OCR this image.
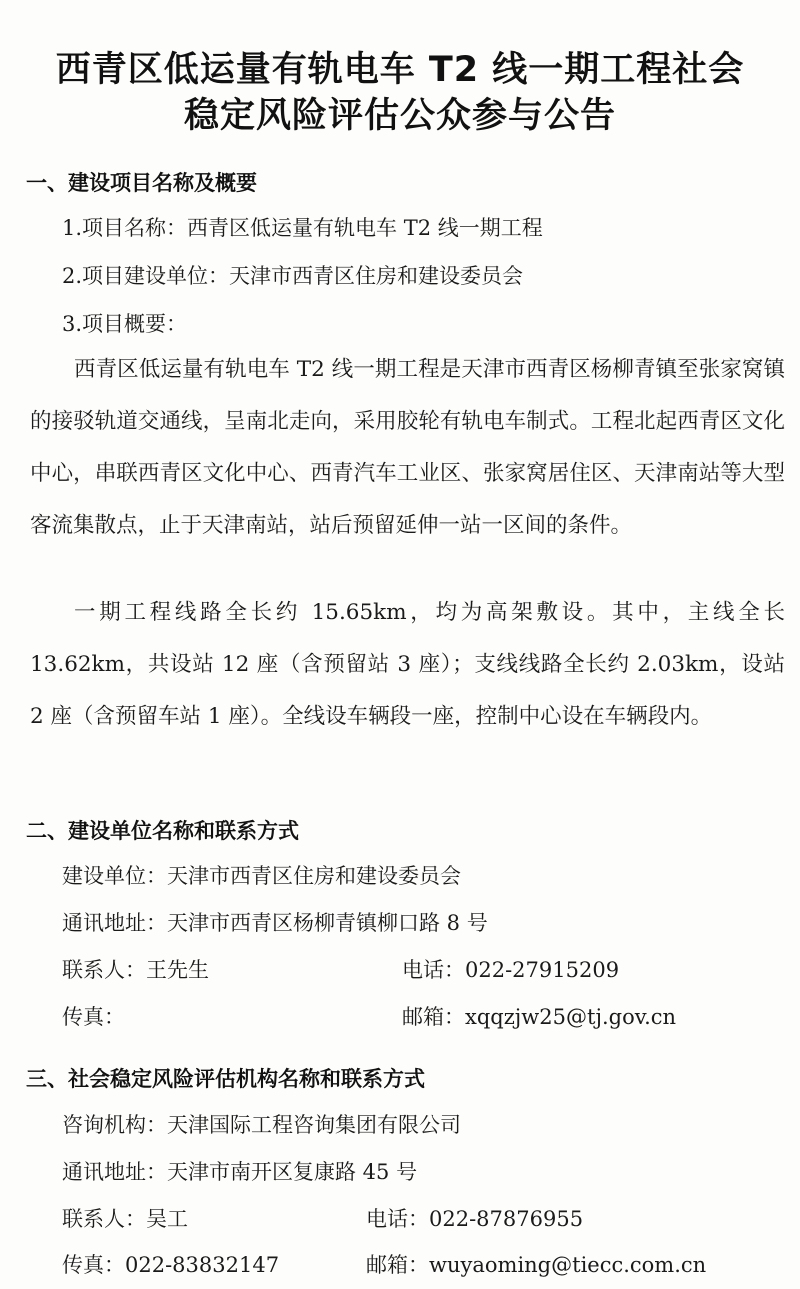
西青区低运量有轨电车 T2 线一期工程社会
稳定风险评估公众参与公告
一、建设项目名称及概要
1.项目名称：西青区低运量有轨电车 T2 线一期工程
2.项目建设单位：天津市西青区住房和建设委员会
3.项目概要：
西青区低运量有轨电车 T2 线一期工程是天津市西青区杨柳青镇至张家窝镇的接驳轨道交通线，呈南北走向，采用胶轮有轨电车制式。工程北起西青区文化中心，串联西青区文化中心、西青汽车工业区、张家窝居住区、天津南站等大型客流集散点，止于天津南站，站后预留延伸一站一区间的条件。
一期工程线路全长约 15.65km，均为高架敷设。其中，主线全长 13.62km，共设站 12 座（含预留站 3 座）；支线线路全长约 2.03km，设站 2 座（含预留车站 1 座）。全线设车辆段一座，控制中心设在车辆段内。
二、建设单位名称和联系方式
建设单位：天津市西青区住房和建设委员会
通讯地址：天津市西青区杨柳青镇柳口路 8 号
联系人：王先生	电话：022-27915209
传真：	邮箱：xqqzjw25@tj.gov.cn
三、社会稳定风险评估机构名称和联系方式
咨询机构：天津国际工程咨询集团有限公司
通讯地址：天津市南开区复康路 45 号
联系人：吴工	电话：022-87876955
传真：022-83832147	邮箱：wuyaoming@tiecc.com.cn
